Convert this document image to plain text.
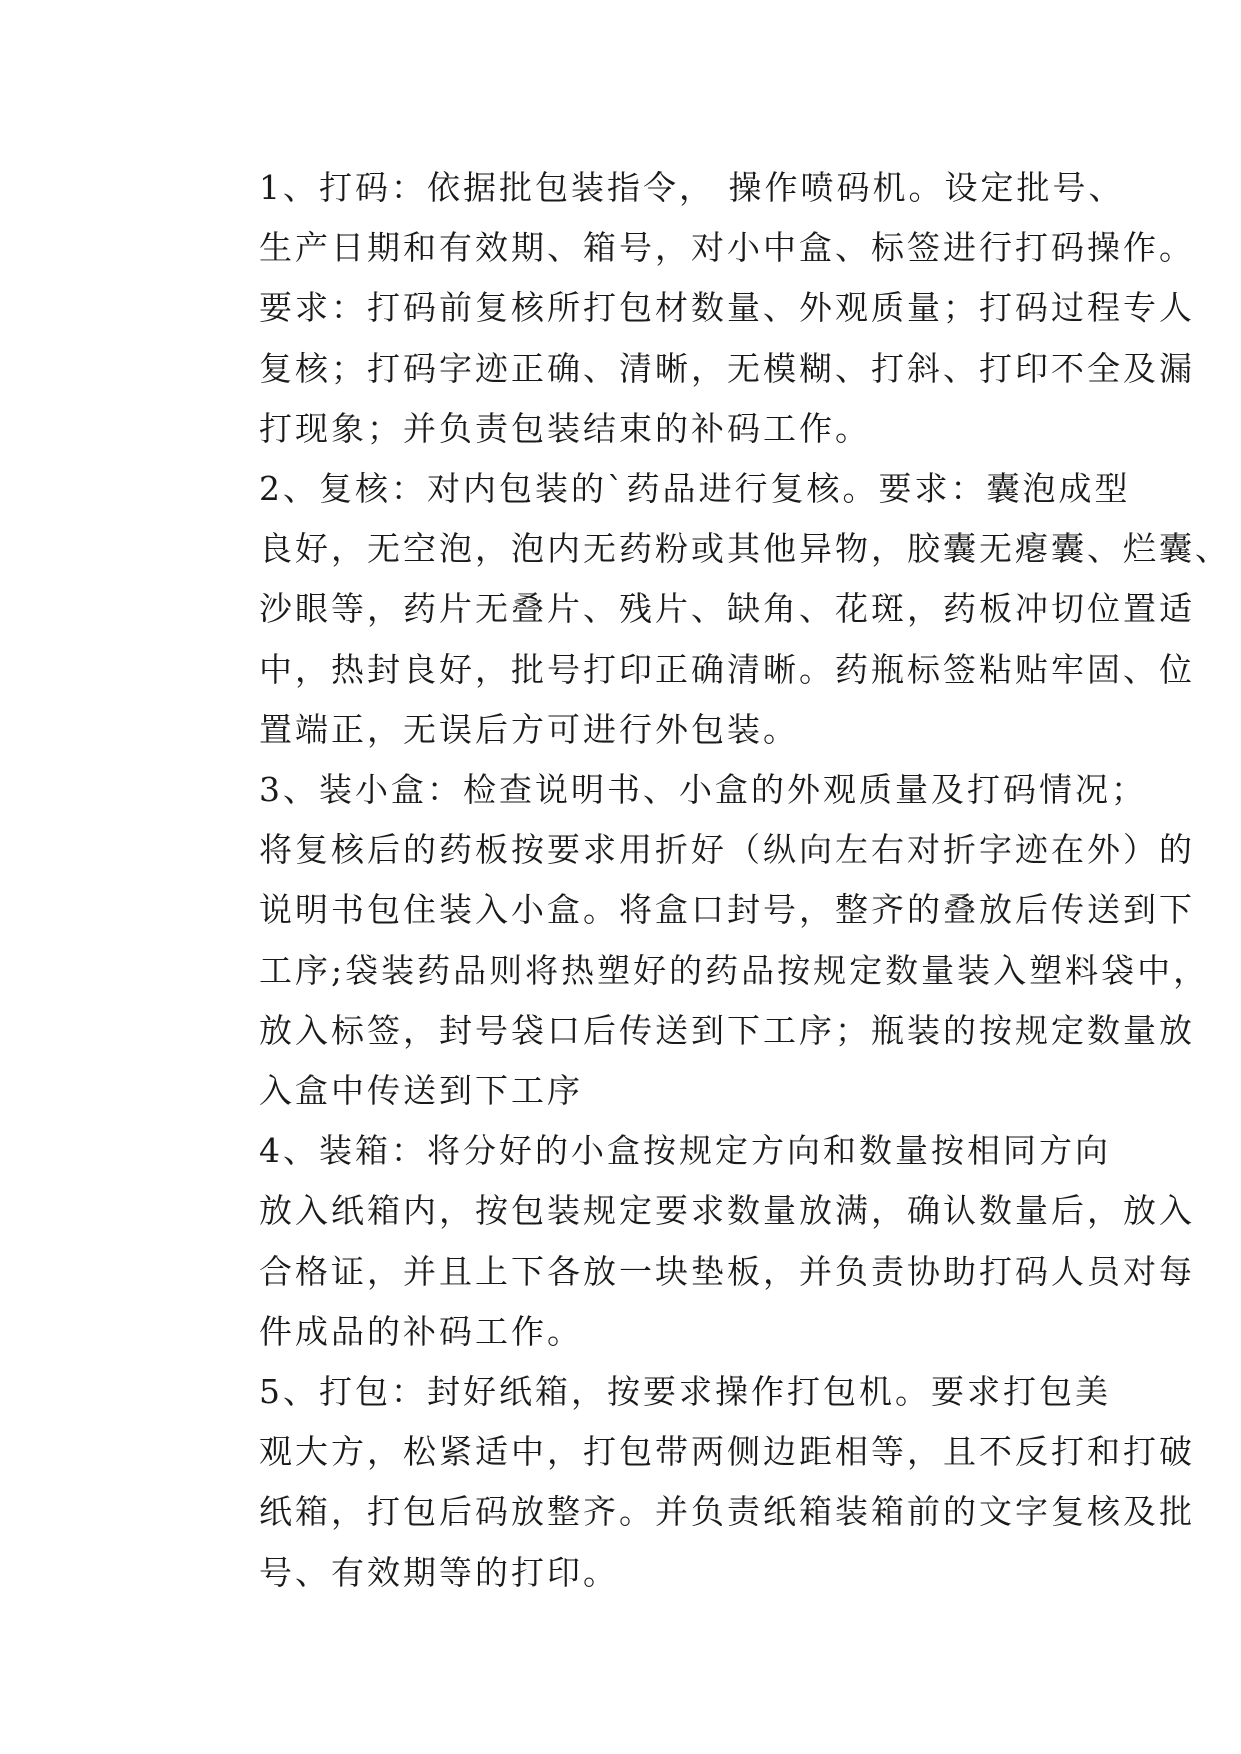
1、打码：依据批包装指令， 操作喷码机。设定批号、
生产日期和有效期、箱号，对小中盒、标签进行打码操作。
要求：打码前复核所打包材数量、外观质量；打码过程专人
复核；打码字迹正确、清晰，无模糊、打斜、打印不全及漏
打现象；并负责包装结束的补码工作。

2、复核：对内包装的`药品进行复核。要求：囊泡成型
良好，无空泡，泡内无药粉或其他异物，胶囊无瘪囊、烂囊、
沙眼等，药片无叠片、残片、缺角、花斑，药板冲切位置适
中，热封良好，批号打印正确清晰。药瓶标签粘贴牢固、位
置端正，无误后方可进行外包装。

3、装小盒：检查说明书、小盒的外观质量及打码情况；
将复核后的药板按要求用折好（纵向左右对折字迹在外）的
说明书包住装入小盒。将盒口封号，整齐的叠放后传送到下
工序;袋装药品则将热塑好的药品按规定数量装入塑料袋中，
放入标签，封号袋口后传送到下工序；瓶装的按规定数量放
入盒中传送到下工序

4、装箱：将分好的小盒按规定方向和数量按相同方向
放入纸箱内，按包装规定要求数量放满，确认数量后，放入
合格证，并且上下各放一块垫板，并负责协助打码人员对每
件成品的补码工作。

5、打包：封好纸箱，按要求操作打包机。要求打包美
观大方，松紧适中，打包带两侧边距相等，且不反打和打破
纸箱，打包后码放整齐。并负责纸箱装箱前的文字复核及批
号、有效期等的打印。
